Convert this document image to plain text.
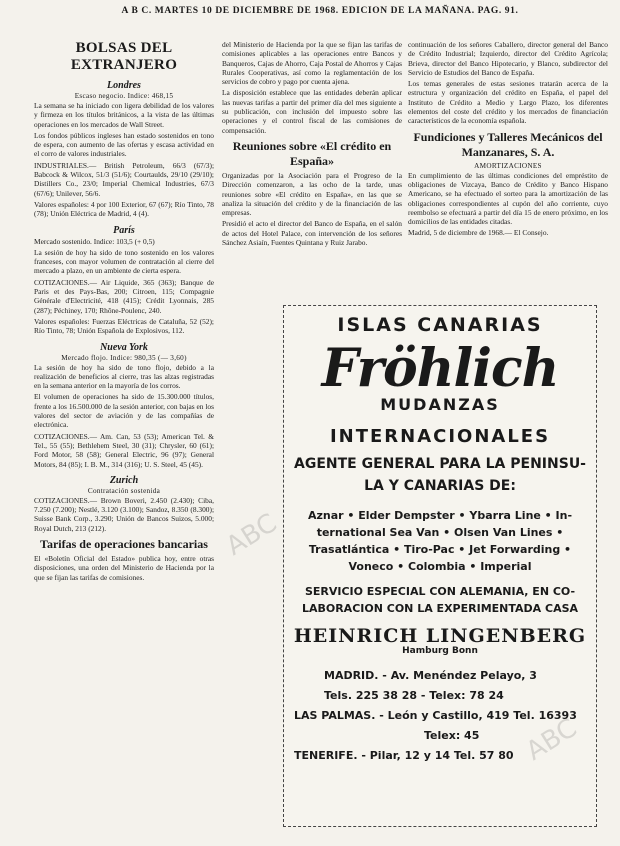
A B C. MARTES 10 DE DICIEMBRE DE 1968. EDICION DE LA MAÑANA. PAG. 91.
BOLSAS DEL EXTRANJERO
Londres
Escaso negocio. Indice: 468,15

La semana se ha iniciado con ligera debilidad de los valores y firmeza en los títulos británicos, a la vista de las últimas operaciones en los mercados de Wall Street.

Los fondos públicos ingleses han estado sostenidos en tono de espera, con aumento de las ofertas y escasa actividad en el corro de valores industriales.

INDUSTRIALES.— British Petroleum, 66/3 (67/3); Babcock & Wilcox, 51/3 (51/6); Courtaulds, 29/10 (29/10); Distillers Co., 23/0; Imperial Chemical Industries, 67/3 (67/6); Unilever, 56/6.

Valores españoles: 4 por 100 Exterior, 67 (67); Río Tinto, 78 (78); Unión Eléctrica de Madrid, 4 (4).

París

Mercado sostenido. Indice: 103,5 (+ 0,5)

La sesión de hoy ha sido de tono sostenido en los valores franceses, con mayor volumen de contratación al cierre del mercado a plazo, en un ambiente de cierta espera.

COTIZACIONES.— Air Liquide, 365 (363); Banque de Paris et des Pays-Bas, 200; Citroen, 115; Compagnie Générale d'Electricité, 418 (415); Crédit Lyonnais, 285 (287); Péchiney, 170; Rhône-Poulenc, 240.

Valores españoles: Fuerzas Eléctricas de Cataluña, 52 (52); Río Tinto, 78; Unión Española de Explosivos, 112.

Nueva York
Mercado flojo. Indice: 980,35 (— 3,60)

La sesión de hoy ha sido de tono flojo, debido a la realización de beneficios al cierre, tras las alzas registradas en la semana anterior en la mayoría de los corros.

El volumen de operaciones ha sido de 15.300.000 títulos, frente a los 16.500.000 de la sesión anterior, con bajas en los valores del sector de aviación y de las compañías de electrónica.

COTIZACIONES.— Am. Can, 53 (53); American Tel. & Tel., 55 (55); Bethlehem Steel, 30 (31); Chrysler, 60 (61); Ford Motor, 58 (58); General Electric, 96 (97); General Motors, 84 (85); I. B. M., 314 (316); U. S. Steel, 45 (45).

Zurich
Contratación sostenida

COTIZACIONES.— Brown Boveri, 2.450 (2.430); Ciba, 7.250 (7.200); Nestlé, 3.120 (3.100); Sandoz, 8.350 (8.300); Suisse Bank Corp., 3.290; Unión de Bancos Suizos, 5.000; Royal Dutch, 213 (212).

Tarifas de operaciones bancarias

El «Boletín Oficial del Estado» publica hoy, entre otras disposiciones, una orden del Ministerio de Hacienda por la que se fijan las tarifas de comisiones.

del Ministerio de Hacienda por la que se fijan las tarifas de comisiones aplicables a las operaciones entre Bancos y Banqueros, Cajas de Ahorro, Caja Postal de Ahorros y Cajas Rurales Cooperativas, así como la reglamentación de los servicios de cobro y pago por cuenta ajena.

La disposición establece que las entidades deberán aplicar las nuevas tarifas a partir del primer día del mes siguiente a su publicación, con inclusión del impuesto sobre las operaciones y el control fiscal de las comisiones de compensación.

Reuniones sobre «El crédito en España»

Organizadas por la Asociación para el Progreso de la Dirección comenzaron, a las ocho de la tarde, unas reuniones sobre «El crédito en España», en las que se analiza la situación del crédito y de la financiación de las empresas.

Presidió el acto el director del Banco de España, en el salón de actos del Hotel Palace, con intervención de los señores Sánchez Asiaín, Fuentes Quintana y Ruiz Jarabo.

continuación de los señores Caballero, director general del Banco de Crédito Industrial; Izquierdo, director del Crédito Agrícola; Brieva, director del Banco Hipotecario, y Blanco, subdirector del Servicio de Estudios del Banco de España.

Los temas generales de estas sesiones tratarán acerca de la estructura y organización del crédito en España, el papel del Instituto de Crédito a Medio y Largo Plazo, los diferentes elementos del coste del crédito y los mercados de financiación característicos de la economía española.

Fundiciones y Talleres Mecánicos del Manzanares, S. A.
AMORTIZACIONES

En cumplimiento de las últimas condiciones del empréstito de obligaciones de Vizcaya, Banco de Crédito y Banco Hispano Americano, se ha efectuado el sorteo para la amortización de las obligaciones correspondientes al cupón del año corriente, cuyo reembolso se efectuará a partir del día 15 de enero próximo, en los domicilios de las entidades citadas.

Madrid, 5 de diciembre de 1968.— El Consejo.

ISLAS CANARIAS
Fröhlich
MUDANZAS
INTERNACIONALES
AGENTE GENERAL PARA LA PENINSU-
LA Y CANARIAS DE:
Aznar • Elder Dempster • Ybarra Line • In-
ternational Sea Van • Olsen Van Lines •
Trasatlántica • Tiro-Pac • Jet Forwarding •
Voneco • Colombia • Imperial
SERVICIO ESPECIAL CON ALEMANIA, EN CO-
LABORACION CON LA EXPERIMENTADA CASA
HEINRICH LINGENBERG
Hamburg Bonn
MADRID. - Av. Menéndez Pelayo, 3
Tels. 225 38 28 - Telex: 78 24
LAS PALMAS. - León y Castillo, 419 Tel. 16393
Telex: 45
TENERIFE. - Pilar, 12 y 14 Tel. 57 80
ABC
